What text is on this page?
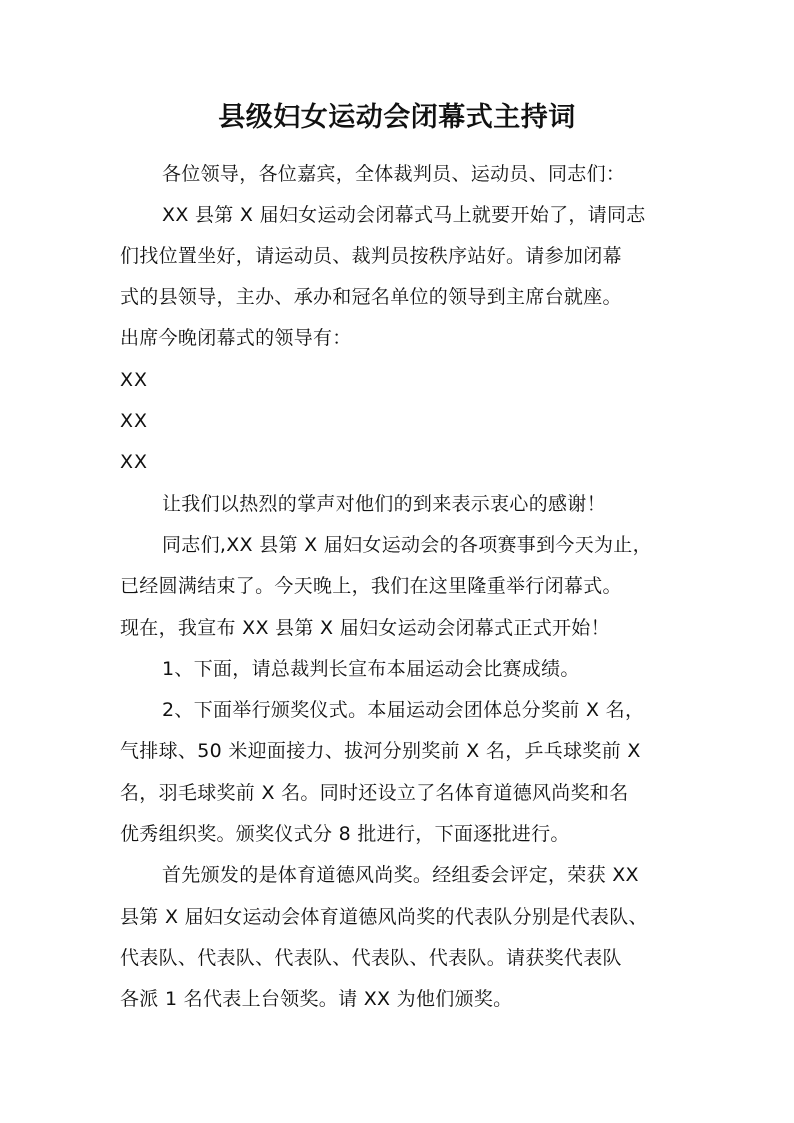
县级妇女运动会闭幕式主持词
各位领导，各位嘉宾，全体裁判员、运动员、同志们：
XX 县第 X 届妇女运动会闭幕式马上就要开始了，请同志
们找位置坐好，请运动员、裁判员按秩序站好。请参加闭幕
式的县领导，主办、承办和冠名单位的领导到主席台就座。
出席今晚闭幕式的领导有：
XX
XX
XX
让我们以热烈的掌声对他们的到来表示衷心的感谢！
同志们,XX 县第 X 届妇女运动会的各项赛事到今天为止，
已经圆满结束了。今天晚上，我们在这里隆重举行闭幕式。
现在，我宣布 XX 县第 X 届妇女运动会闭幕式正式开始！
1、下面，请总裁判长宣布本届运动会比赛成绩。
2、下面举行颁奖仪式。本届运动会团体总分奖前 X 名，
气排球、50 米迎面接力、拔河分别奖前 X 名，乒乓球奖前 X
名，羽毛球奖前 X 名。同时还设立了名体育道德风尚奖和名
优秀组织奖。颁奖仪式分 8 批进行，下面逐批进行。
首先颁发的是体育道德风尚奖。经组委会评定，荣获 XX
县第 X 届妇女运动会体育道德风尚奖的代表队分别是代表队、
代表队、代表队、代表队、代表队、代表队。请获奖代表队
各派 1 名代表上台领奖。请 XX 为他们颁奖。
